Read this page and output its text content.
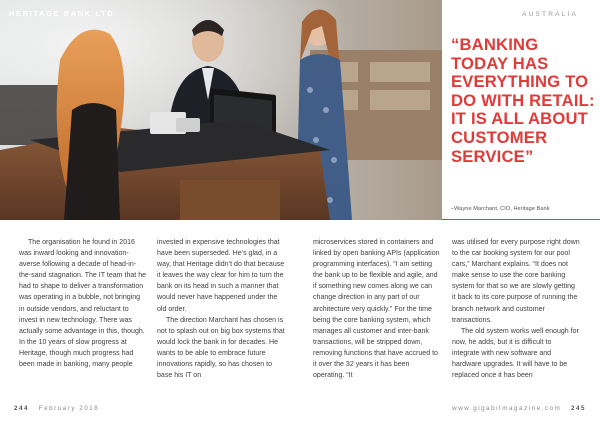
HERITAGE BANK LTD	AUSTRALIA
“BANKING TODAY HAS EVERYTHING TO DO WITH RETAIL: IT IS ALL ABOUT CUSTOMER SERVICE”
–Wayne Marchant, CIO, Heritage Bank

The organisation he found in 2016 was inward looking and innovation-averse following a decade of head-in-the-sand stagnation. The IT team that he had to shape to deliver a transformation was operating in a bubble, not bringing in outside vendors, and reluctant to invest in new technology. There was actually some advantage in this, though.

In the 10 years of slow progress at Heritage, though much progress had been made in banking, many people

invested in expensive technologies that have been superseded. He’s glad, in a way, that Heritage didn’t do that because it leaves the way clear for him to turn the bank on its head in such a manner that would never have happened under the old order.

The direction Marchant has chosen is not to splash out on big box systems that would lock the bank in for decades. He wants to be able to embrace future innovations rapidly, so has chosen to base his IT on

microservices stored in containers and linked by open banking APIs (application programming interfaces). “I am setting the bank up to be flexible and agile, and if something new comes along we can change direction in any part of our architecture very quickly.” For the time being the core banking system, which manages all customer and inter-bank transactions, will be stripped down, removing functions that have accrued to it over the 32 years it has been operating. “It

was utilised for every purpose right down to the car booking system for our pool cars,” Marchant explains. “It does not make sense to use the core banking system for that so we are slowly getting it back to its core purpose of running the branch network and customer transactions.

The old system works well enough for now, he adds, but it is difficult to integrate with new software and hardware upgrades. It will have to be replaced once it has been

244 February 2018	www.gigabitmagazine.com 245
